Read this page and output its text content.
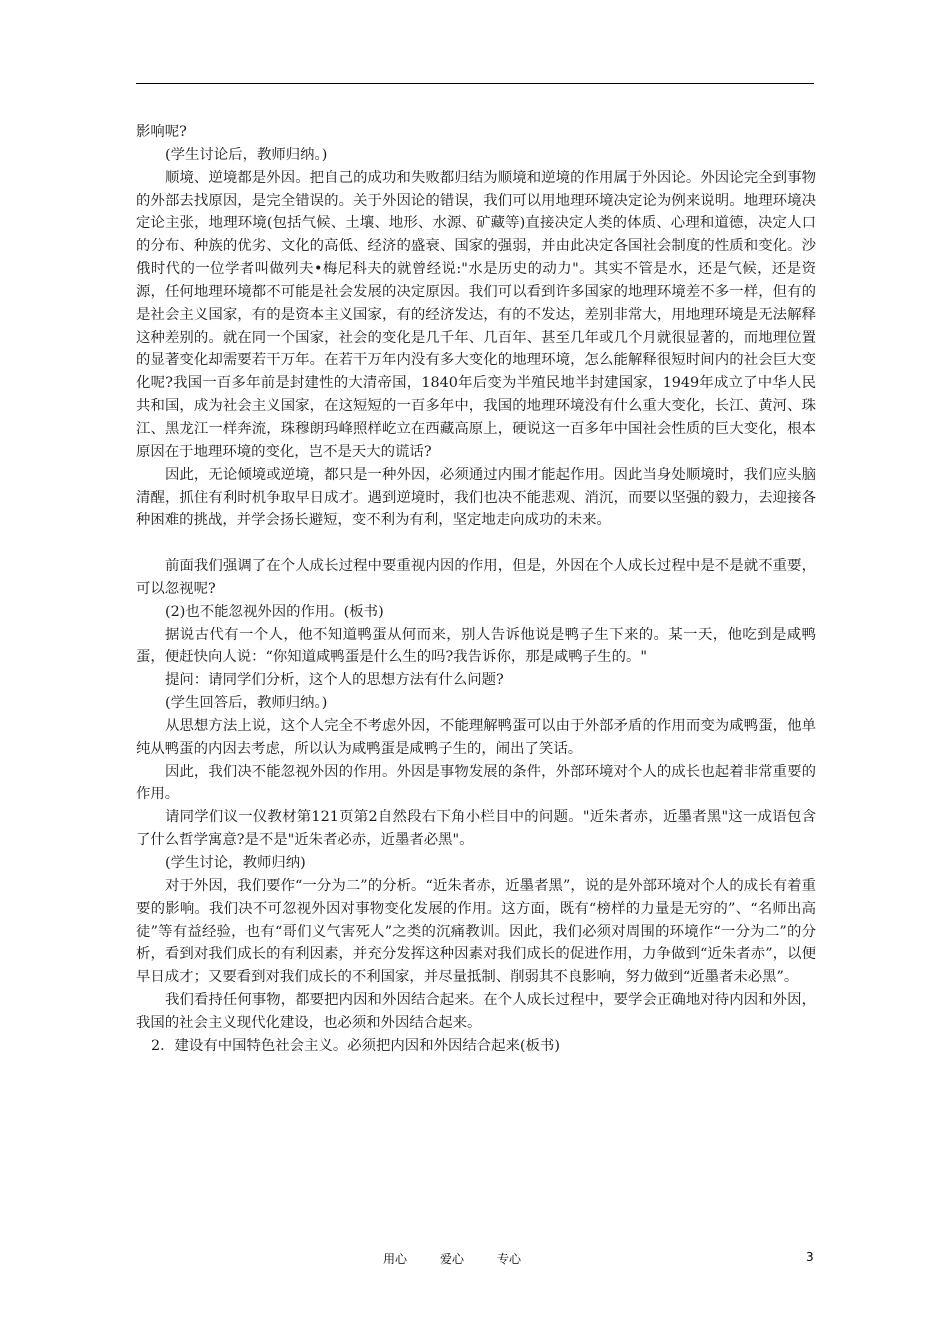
影响呢?

(学生讨论后，教师归纳。)

顺境、逆境都是外因。把自己的成功和失败都归结为顺境和逆境的作用属于外因论。外因论完全到事物的外部去找原因，是完全错误的。关于外因论的错误，我们可以用地理环境决定论为例来说明。地理环境决定论主张，地理环境(包括气候、土壤、地形、水源、矿藏等)直接决定人类的体质、心理和道德，决定人口的分布、种族的优劣、文化的高低、经济的盛衰、国家的强弱，并由此决定各国社会制度的性质和变化。沙俄时代的一位学者叫做列夫•梅尼科夫的就曾经说:"水是历史的动力"。其实不管是水，还是气候，还是资源，任何地理环境都不可能是社会发展的决定原因。我们可以看到许多国家的地理环境差不多一样，但有的是社会主义国家，有的是资本主义国家，有的经济发达，有的不发达，差别非常大，用地理环境是无法解释这种差别的。就在同一个国家，社会的变化是几千年、几百年、甚至几年或几个月就很显著的，而地理位置的显著变化却需要若干万年。在若干万年内没有多大变化的地理环境，怎么能解释很短时间内的社会巨大变化呢?我国一百多年前是封建性的大清帝国，1840年后变为半殖民地半封建国家，1949年成立了中华人民共和国，成为社会主义国家，在这短短的一百多年中，我国的地理环境没有什么重大变化，长江、黄河、珠江、黑龙江一样奔流，珠穆朗玛峰照样屹立在西藏高原上，硬说这一百多年中国社会性质的巨大变化，根本原因在于地理环境的变化，岂不是天大的谎话?

因此，无论倾境或逆境，都只是一种外因，必须通过内围才能起作用。因此当身处顺境时，我们应头脑清醒，抓住有利时机争取早日成才。遇到逆境时，我们也决不能悲观、消沉，而要以坚强的毅力，去迎接各种困难的挑战，并学会扬长避短，变不利为有利，坚定地走向成功的未来。

前面我们强调了在个人成长过程中要重视内因的作用，但是，外因在个人成长过程中是不是就不重要，可以忽视呢?

(2)也不能忽视外因的作用。(板书)

据说古代有一个人，他不知道鸭蛋从何而来，别人告诉他说是鸭子生下来的。某一天，他吃到是咸鸭蛋，便赶快向人说：“你知道咸鸭蛋是什么生的吗?我告诉你，那是咸鸭子生的。"

提问：请同学们分析，这个人的思想方法有什么问题?

(学生回答后，教师归纳。)

从思想方法上说，这个人完全不考虑外因，不能理解鸭蛋可以由于外部矛盾的作用而变为咸鸭蛋，他单纯从鸭蛋的内因去考虑，所以认为咸鸭蛋是咸鸭子生的，闹出了笑话。

因此，我们决不能忽视外因的作用。外因是事物发展的条件，外部环境对个人的成长也起着非常重要的作用。

请同学们议一仪教材第121页第2自然段右下角小栏目中的问题。"近朱者赤，近墨者黑"这一成语包含了什么哲学寓意?是不是"近朱者必赤，近墨者必黑"。

(学生讨论，教师归纳)

对于外因，我们要作“一分为二”的分析。“近朱者赤，近墨者黑”，说的是外部环境对个人的成长有着重要的影响。我们决不可忽视外因对事物变化发展的作用。这方面，既有“榜样的力量是无穷的”、“名师出高徒”等有益经验，也有“哥们义气害死人”之类的沉痛教训。因此，我们必须对周围的环境作“一分为二”的分析，看到对我们成长的有利因素，并充分发挥这种因素对我们成长的促进作用，力争做到“近朱者赤”，以便早日成才；又要看到对我们成长的不利国家，并尽量抵制、削弱其不良影响，努力做到“近墨者未必黑”。

我们看持任何事物，都要把内因和外因结合起来。在个人成长过程中，要学会正确地对待内因和外因，我国的社会主义现代化建设，也必须和外因结合起来。

2．建设有中国特色社会主义。必须把内因和外因结合起来(板书)

用心	爱心	专心	3
